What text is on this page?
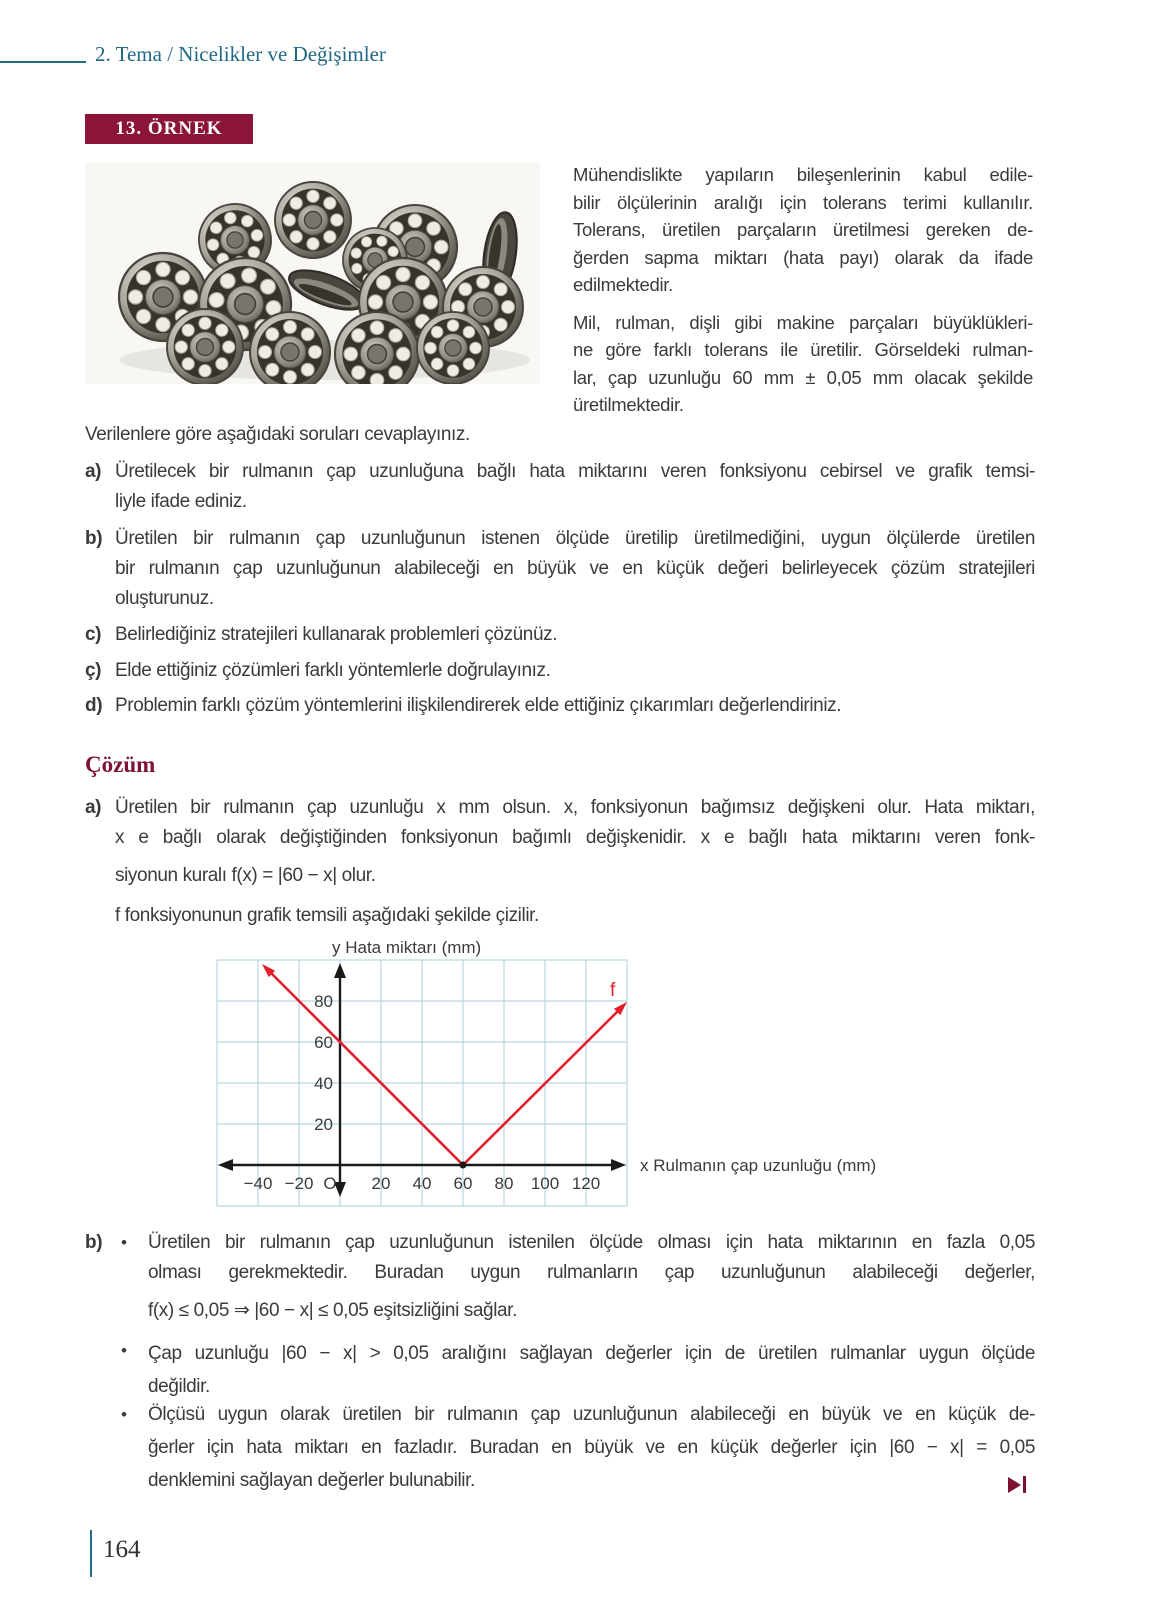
2. Tema / Nicelikler ve Değişimler
13. ÖRNEK
Mühendislikte yapıların bileşenlerinin kabul edile-
bilir ölçülerinin aralığı için tolerans terimi kullanılır.
Tolerans, üretilen parçaların üretilmesi gereken de-
ğerden sapma miktarı (hata payı) olarak da ifade
edilmektedir.
Mil, rulman, dişli gibi makine parçaları büyüklükleri-
ne göre farklı tolerans ile üretilir. Görseldeki rulman-
lar, çap uzunluğu 60 mm ± 0,05 mm olacak şekilde
üretilmektedir.
Verilenlere göre aşağıdaki soruları cevaplayınız.
a) Üretilecek bir rulmanın çap uzunluğuna bağlı hata miktarını veren fonksiyonu cebirsel ve grafik temsi-
liyle ifade ediniz.
b) Üretilen bir rulmanın çap uzunluğunun istenen ölçüde üretilip üretilmediğini, uygun ölçülerde üretilen
bir rulmanın çap uzunluğunun alabileceği en büyük ve en küçük değeri belirleyecek çözüm stratejileri
oluşturunuz.
c) Belirlediğiniz stratejileri kullanarak problemleri çözünüz.
ç) Elde ettiğiniz çözümleri farklı yöntemlerle doğrulayınız.
d) Problemin farklı çözüm yöntemlerini ilişkilendirerek elde ettiğiniz çıkarımları değerlendiriniz.
Çözüm
a) Üretilen bir rulmanın çap uzunluğu x mm olsun. x, fonksiyonun bağımsız değişkeni olur. Hata miktarı,
x e bağlı olarak değiştiğinden fonksiyonun bağımlı değişkenidir. x e bağlı hata miktarını veren fonk-
siyonun kuralı f(x) = |60 − x| olur.
f fonksiyonunun grafik temsili aşağıdaki şekilde çizilir.
y Hata miktarı (mm)
x Rulmanın çap uzunluğu (mm)
f
−40 −20 O 20 40 60 80 100 120
80
60
40
20
b) • Üretilen bir rulmanın çap uzunluğunun istenilen ölçüde olması için hata miktarının en fazla 0,05
olması gerekmektedir. Buradan uygun rulmanların çap uzunluğunun alabileceği değerler,
f(x) ≤ 0,05 ⇒ |60 − x| ≤ 0,05 eşitsizliğini sağlar.
• Çap uzunluğu |60 − x| > 0,05 aralığını sağlayan değerler için de üretilen rulmanlar uygun ölçüde
değildir.
• Ölçüsü uygun olarak üretilen bir rulmanın çap uzunluğunun alabileceği en büyük ve en küçük de-
ğerler için hata miktarı en fazladır. Buradan en büyük ve en küçük değerler için |60 − x| = 0,05
denklemini sağlayan değerler bulunabilir.
164
